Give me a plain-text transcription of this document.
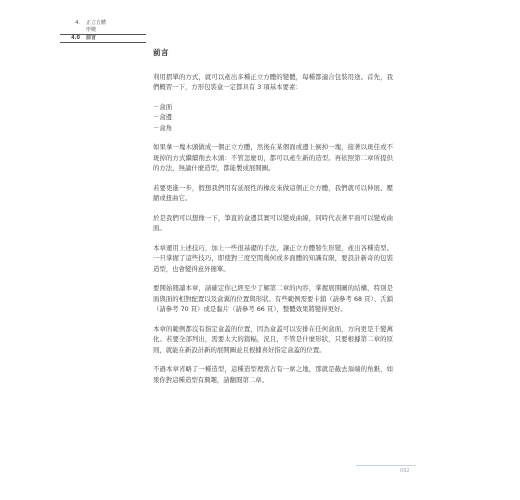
4.	正立方體
形變
4.0	前言
前言

利用摺單的方式，就可以產出多種正立方體的變體，每種都適合包裝用途。首先，我們概習一下，方形包裝盒一定都具有 3 項基本要素：

－盒面
－盒邊
－盒角

如果拿一塊木頭做成一個正立方體，然後在某個面或邊上倒掉一塊，接著以斑佳或不斑掉的方式繼續削去木頭：不管怎麼切，都可以產生新的造型。再依照第二章所提供的方法，無論什麼造型，都能製成展開圖。

若要更進一步，假想我們用有延展性的橡皮來做這個正立方體，我們就可以伸展、壓縮或扭曲它。

於是我們可以想像一下，筆直的盒邊其實可以變成曲線，同時代表著平面可以變成曲面。

本章運用上述技巧，加上一些很基礎的手法，讓正立方體發生形變，產出各種造型。一旦掌握了這些技巧，即使對三度空間幾何或多面體的知識有限，要設計新奇的包裝造型，也會變得意外簡單。

要開始閱讀本章，請確定你已經至少了解第二章的內容，掌握展開圖的結構，特別是面與面的相對配置以及盒翼的位置與形狀。有些範例需要卡鎖（請參考 68 頁）、舌鎖（請參考 70 頁）或是黏片（請參考 66 頁），整體效果將變得更好。

本章的範例都沒有指定盒蓋的位置，因為盒蓋可以安排在任何盒面，方向更是千變萬化。若要全部列出，需要太大的篇幅，況且，不管是什麼形狀，只要根據第二章的原則，就能在新設計新的展開圖並且根據喜好指定盒蓋的位置。

不過本章省略了一種造型，這種造型理當占有一席之地，那就是截去頂端的角錐，如果你對這種造型有興趣，請翻閱第二章。

092
